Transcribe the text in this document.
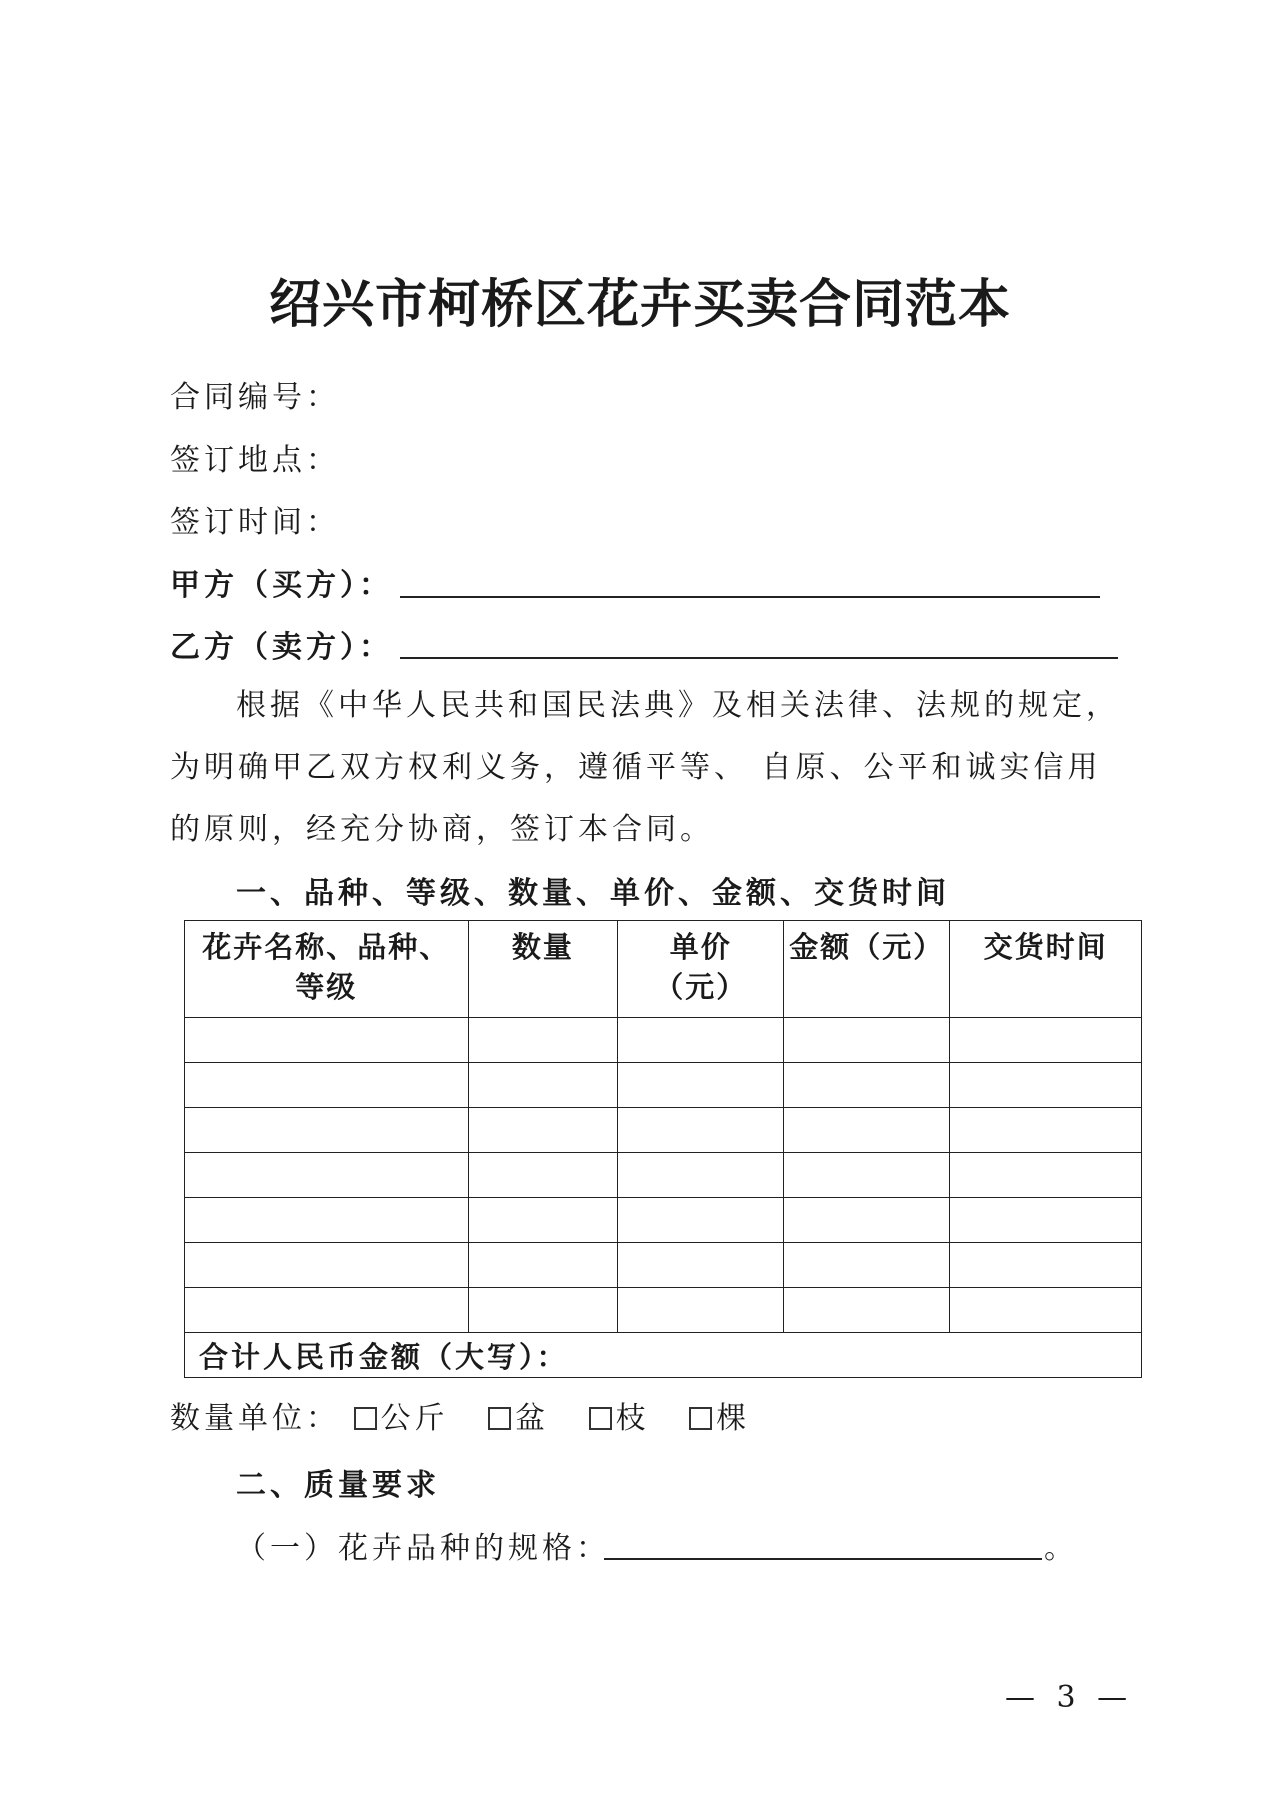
绍兴市柯桥区花卉买卖合同范本
合同编号：
签订地点：
签订时间：
甲方（买方）：
乙方（卖方）：

根据《中华人民共和国民法典》及相关法律、法规的规定，为明确甲乙双方权利义务，遵循平等、 自原、公平和诚实信用的原则，经充分协商，签订本合同。

一、品种、等级、数量、单价、金额、交货时间
花卉名称、品种、等级	数量	单价（元）	金额（元）	交货时间

合计人民币金额（大写）：				
数量单位： 公斤 盆 枝 棵
二、质量要求
（一）花卉品种的规格：	。
— 3 —
